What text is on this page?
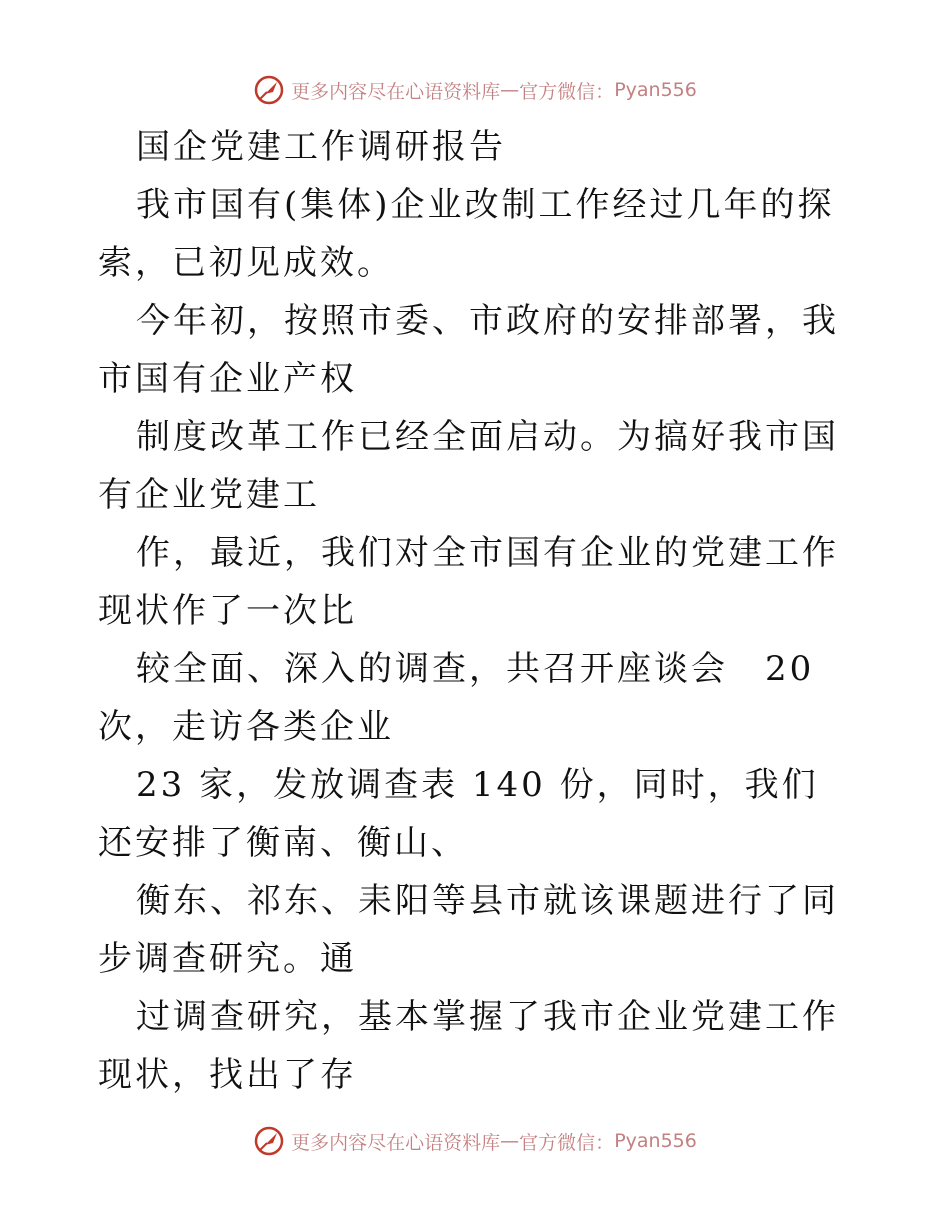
更多内容尽在心语资料库 — 官方微信： Pyan556

国企党建工作调研报告

我市国有(集体)企业改制工作经过几年的探索，已初见成效。

今年初，按照市委、市政府的安排部署，我市国有企业产权

制度改革工作已经全面启动。为搞好我市国有企业党建工

作，最近，我们对全市国有企业的党建工作现状作了一次比

较全面、深入的调查，共召开座谈会　20 次，走访各类企业

23 家，发放调查表 140 份，同时，我们还安排了衡南、衡山、

衡东、祁东、耒阳等县市就该课题进行了同步调查研究。通

过调查研究，基本掌握了我市企业党建工作现状，找出了存

更多内容尽在心语资料库 — 官方微信： Pyan556
